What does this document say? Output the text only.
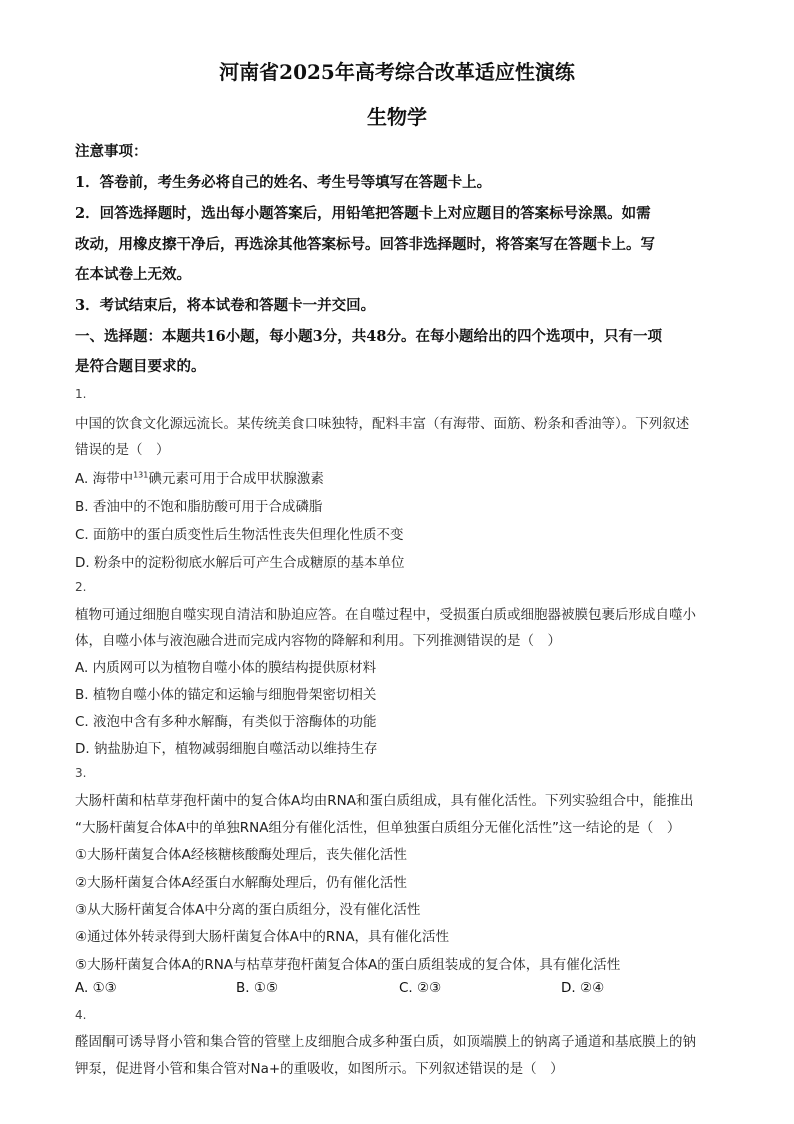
河南省2025年高考综合改革适应性演练
生物学
注意事项：
1．答卷前，考生务必将自己的姓名、考生号等填写在答题卡上。
2．回答选择题时，选出每小题答案后，用铅笔把答题卡上对应题目的答案标号涂黑。如需
改动，用橡皮擦干净后，再选涂其他答案标号。回答非选择题时，将答案写在答题卡上。写
在本试卷上无效。
3．考试结束后，将本试卷和答题卡一并交回。
一、选择题：本题共16小题，每小题3分，共48分。在每小题给出的四个选项中，只有一项
是符合题目要求的。
1.
中国的饮食文化源远流长。某传统美食口味独特，配料丰富（有海带、面筋、粉条和香油等）。下列叙述
错误的是（　）
A. 海带中$^{131}$碘元素可用于合成甲状腺激素
B. 香油中的不饱和脂肪酸可用于合成磷脂
C. 面筋中的蛋白质变性后生物活性丧失但理化性质不变
D. 粉条中的淀粉彻底水解后可产生合成糖原的基本单位
2.
植物可通过细胞自噬实现自清洁和胁迫应答。在自噬过程中，受损蛋白质或细胞器被膜包裹后形成自噬小
体，自噬小体与液泡融合进而完成内容物的降解和利用。下列推测错误的是（　）
A. 内质网可以为植物自噬小体的膜结构提供原材料
B. 植物自噬小体的锚定和运输与细胞骨架密切相关
C. 液泡中含有多种水解酶，有类似于溶酶体的功能
D. 钠盐胁迫下，植物减弱细胞自噬活动以维持生存
3.
大肠杆菌和枯草芽孢杆菌中的复合体A均由RNA和蛋白质组成，具有催化活性。下列实验组合中，能推出
“大肠杆菌复合体A中的单独RNA组分有催化活性，但单独蛋白质组分无催化活性”这一结论的是（　）
①大肠杆菌复合体A经核糖核酸酶处理后，丧失催化活性
②大肠杆菌复合体A经蛋白水解酶处理后，仍有催化活性
③从大肠杆菌复合体A中分离的蛋白质组分，没有催化活性
④通过体外转录得到大肠杆菌复合体A中的RNA，具有催化活性
⑤大肠杆菌复合体A的RNA与枯草芽孢杆菌复合体A的蛋白质组装成的复合体，具有催化活性
A. ①③	B. ①⑤	C. ②③	D. ②④
4.
醛固酮可诱导肾小管和集合管的管壁上皮细胞合成多种蛋白质，如顶端膜上的钠离子通道和基底膜上的钠
钾泵，促进肾小管和集合管对Na+的重吸收，如图所示。下列叙述错误的是（　）
